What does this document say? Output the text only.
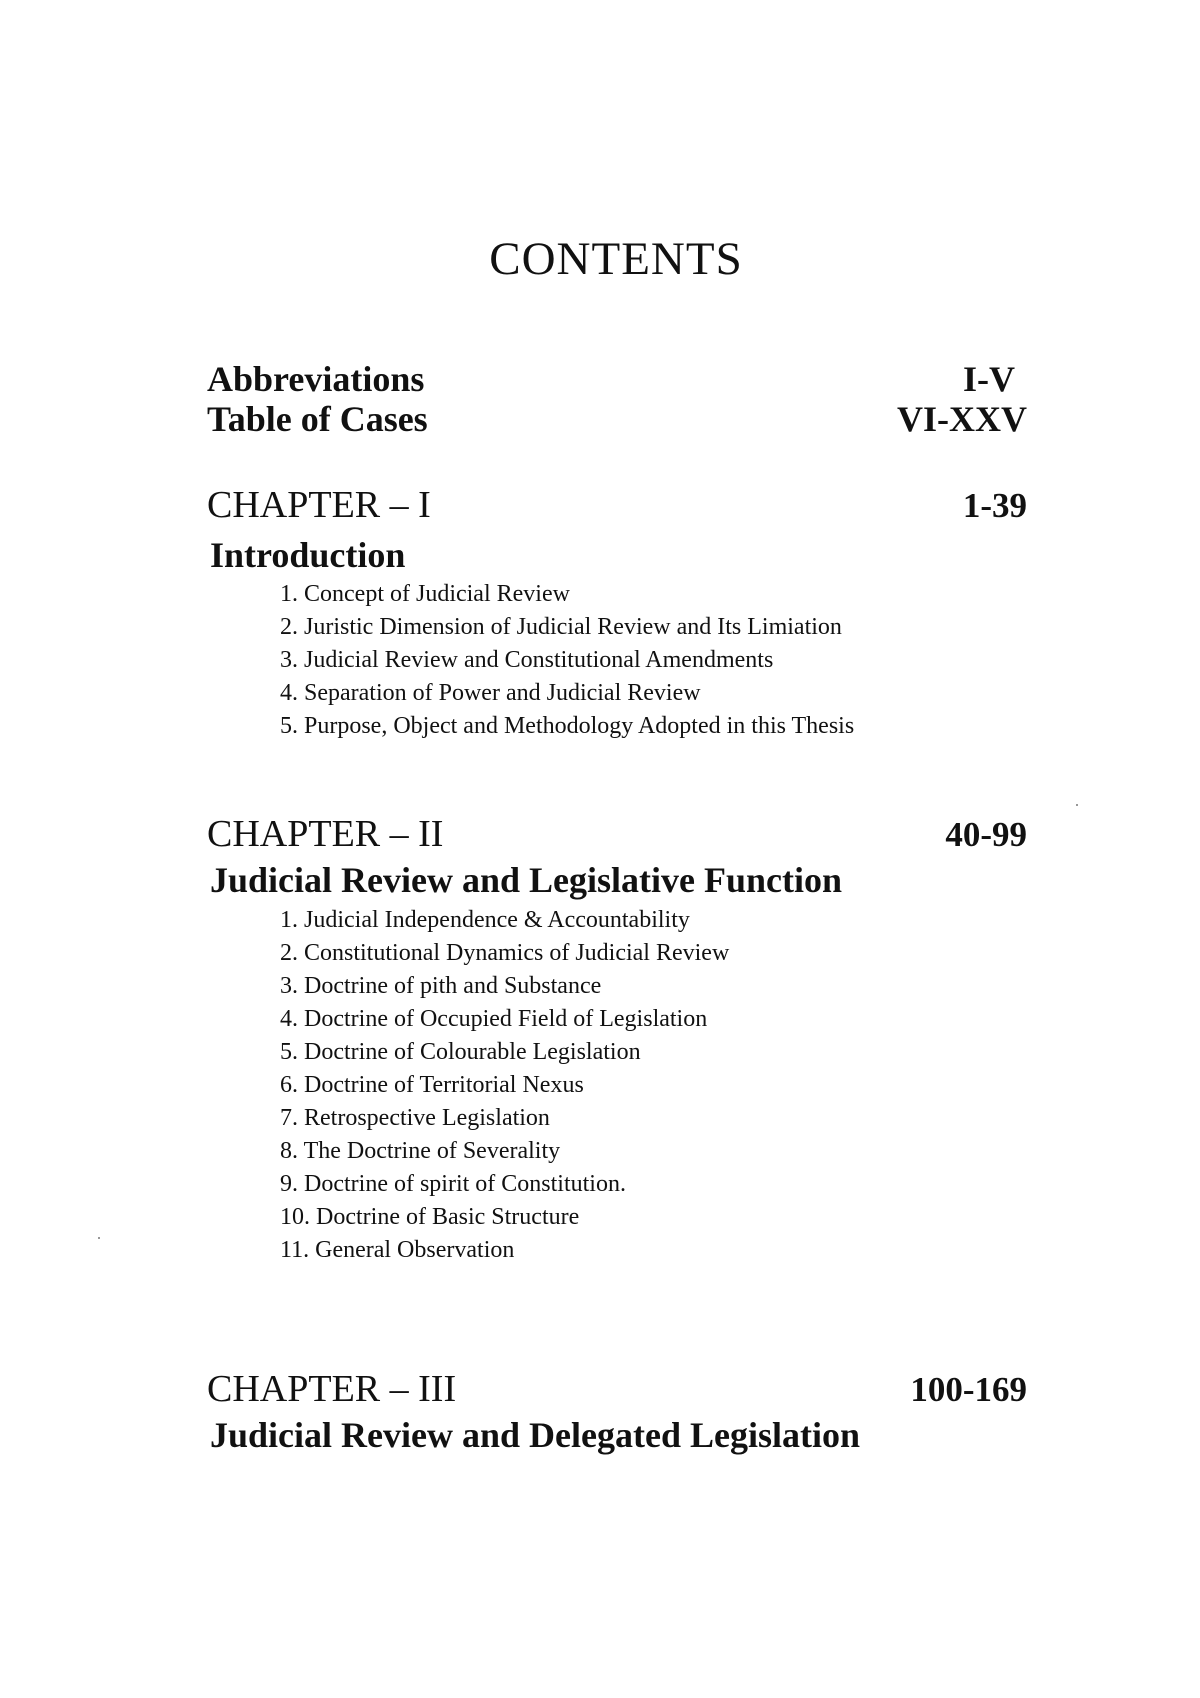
CONTENTS
Abbreviations	I-V
Table of Cases	VI-XXV
CHAPTER – I	1-39
Introduction
1. Concept of Judicial Review
2. Juristic Dimension of Judicial Review and Its Limiation
3. Judicial Review and Constitutional Amendments
4. Separation of Power and Judicial Review
5. Purpose, Object and Methodology Adopted in this Thesis
CHAPTER – II	40-99
Judicial Review and Legislative Function
1. Judicial Independence & Accountability
2. Constitutional Dynamics of Judicial Review
3. Doctrine of pith and Substance
4. Doctrine of Occupied Field of Legislation
5. Doctrine of Colourable Legislation
6. Doctrine of Territorial Nexus
7. Retrospective Legislation
8. The Doctrine of Severality
9. Doctrine of spirit of Constitution.
10. Doctrine of Basic Structure
11. General Observation
CHAPTER – III	100-169
Judicial Review and Delegated Legislation
